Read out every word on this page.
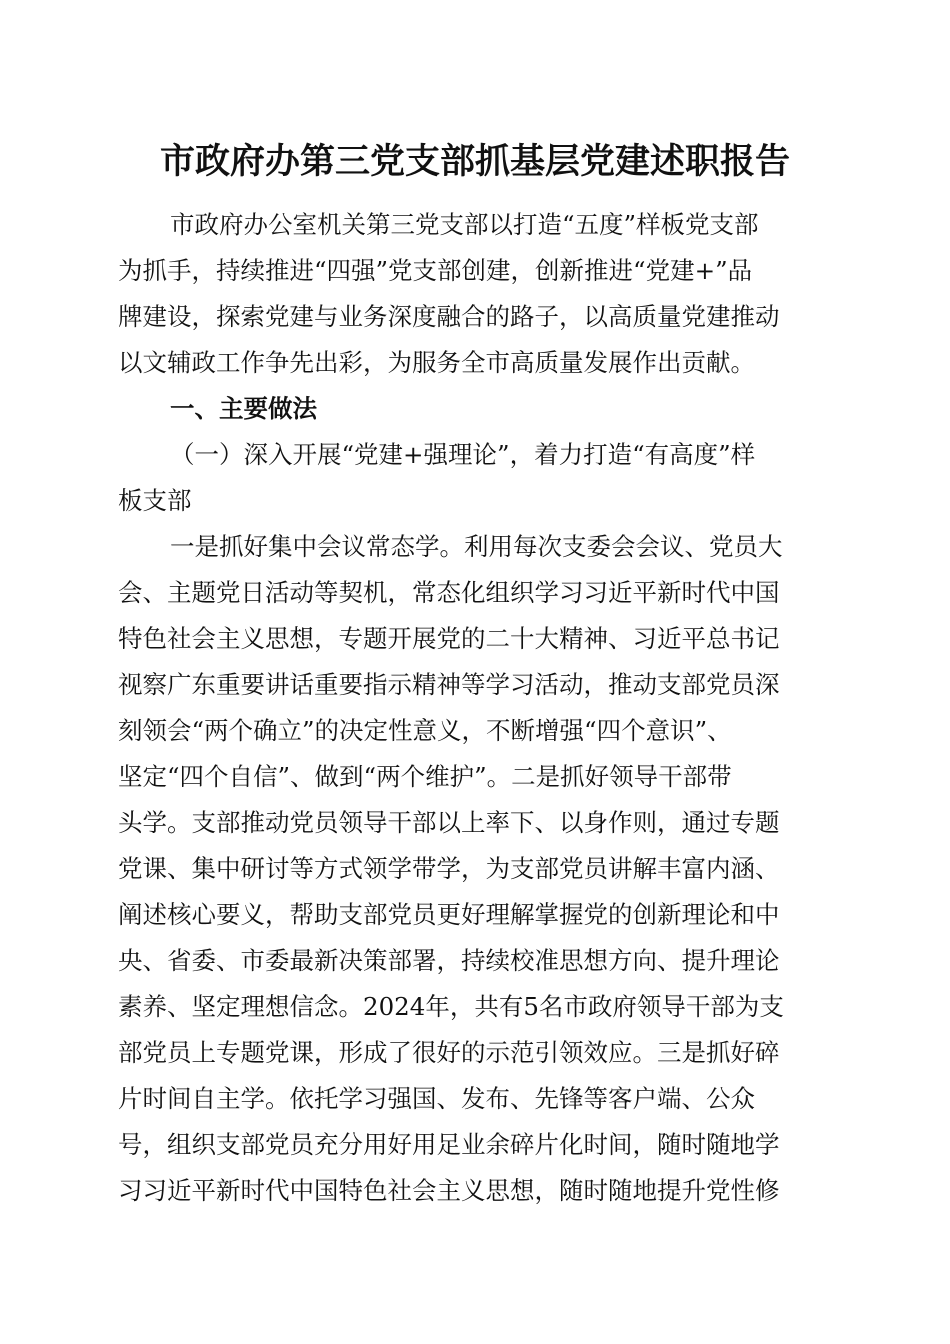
市政府办第三党支部抓基层党建述职报告
市政府办公室机关第三党支部以打造“五度”样板党支部
为抓手，持续推进“四强”党支部创建，创新推进“党建+”品
牌建设，探索党建与业务深度融合的路子，以高质量党建推动
以文辅政工作争先出彩，为服务全市高质量发展作出贡献。
一、主要做法
（一）深入开展“党建+强理论”，着力打造“有高度”样
板支部
一是抓好集中会议常态学。利用每次支委会会议、党员大
会、主题党日活动等契机，常态化组织学习习近平新时代中国
特色社会主义思想，专题开展党的二十大精神、习近平总书记
视察广东重要讲话重要指示精神等学习活动，推动支部党员深
刻领会“两个确立”的决定性意义，不断增强“四个意识”、
坚定“四个自信”、做到“两个维护”。二是抓好领导干部带
头学。支部推动党员领导干部以上率下、以身作则，通过专题
党课、集中研讨等方式领学带学，为支部党员讲解丰富内涵、
阐述核心要义，帮助支部党员更好理解掌握党的创新理论和中
央、省委、市委最新决策部署，持续校准思想方向、提升理论
素养、坚定理想信念。2024年，共有5名市政府领导干部为支
部党员上专题党课，形成了很好的示范引领效应。三是抓好碎
片时间自主学。依托学习强国、发布、先锋等客户端、公众
号，组织支部党员充分用好用足业余碎片化时间，随时随地学
习习近平新时代中国特色社会主义思想，随时随地提升党性修
